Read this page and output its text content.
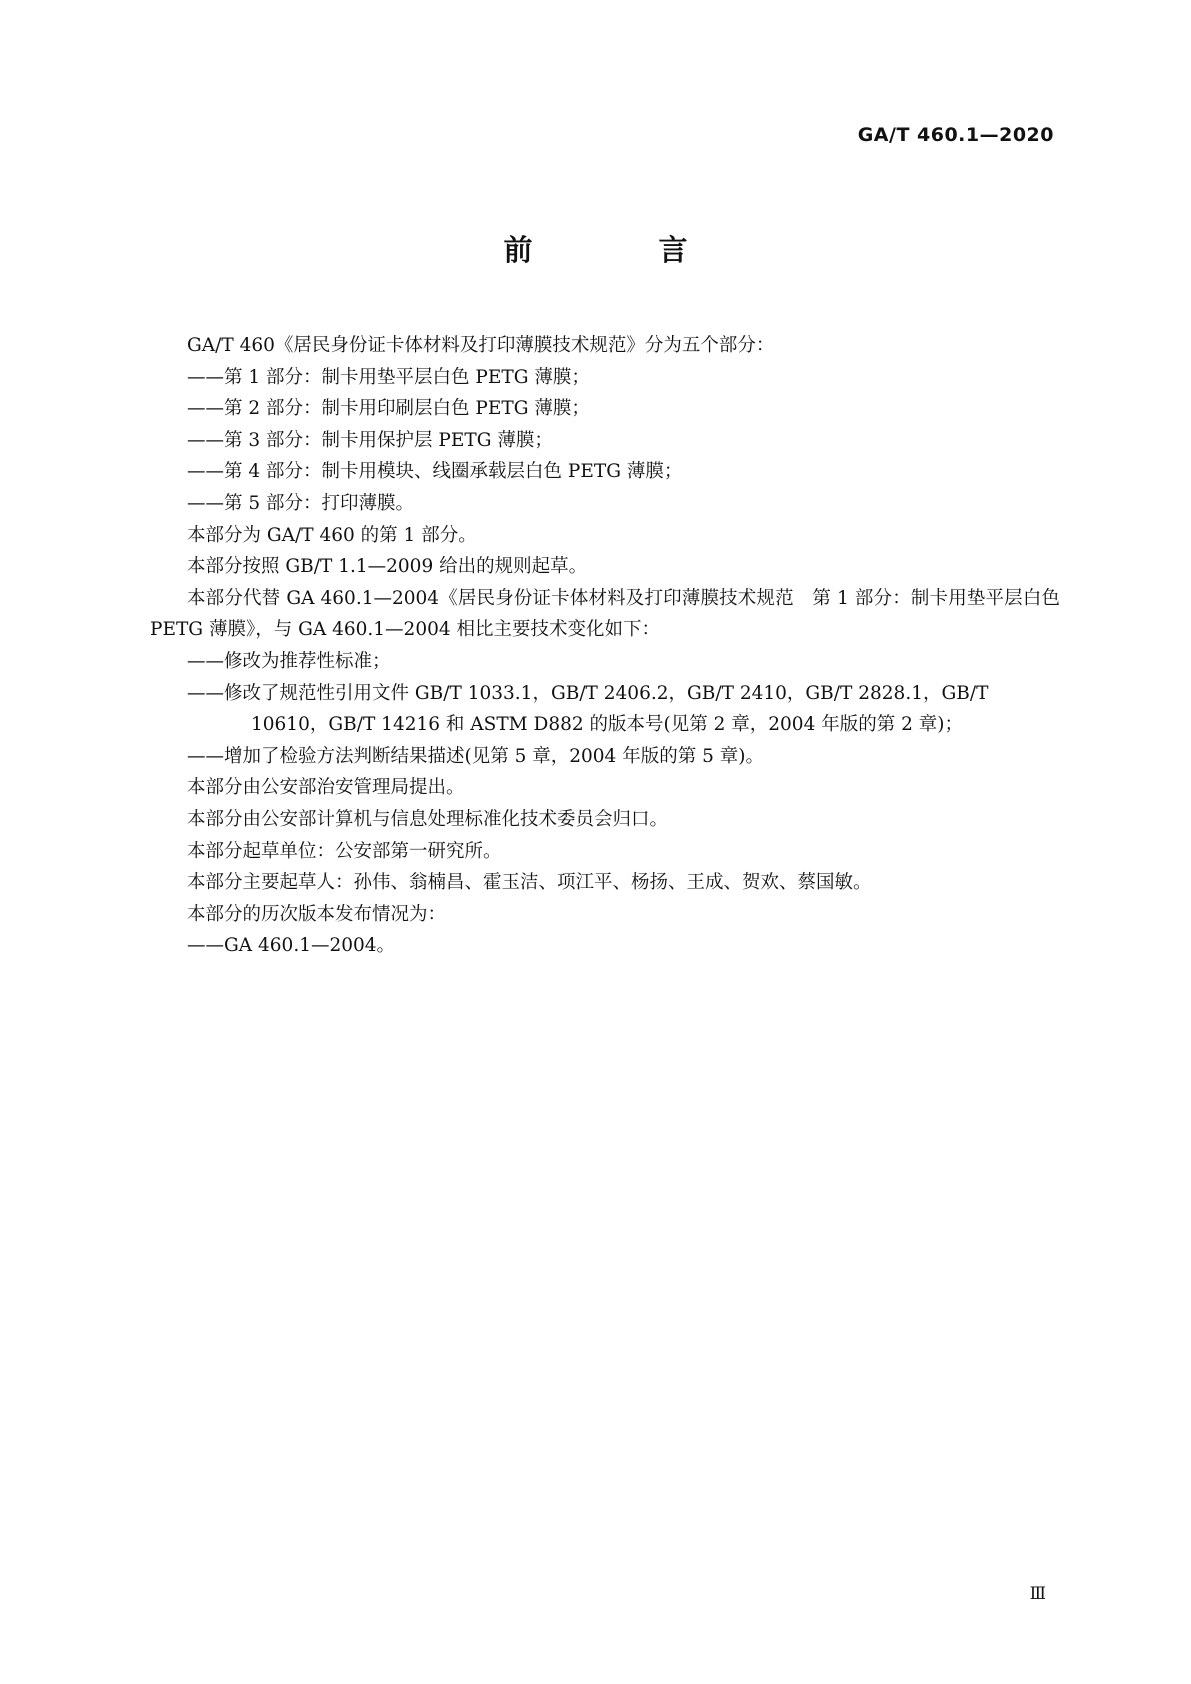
GA/T 460.1—2020
前 言

GA/T 460《居民身份证卡体材料及打印薄膜技术规范》分为五个部分：

——第 1 部分：制卡用垫平层白色 PETG 薄膜；

——第 2 部分：制卡用印刷层白色 PETG 薄膜；

——第 3 部分：制卡用保护层 PETG 薄膜；

——第 4 部分：制卡用模块、线圈承载层白色 PETG 薄膜；

——第 5 部分：打印薄膜。

本部分为 GA/T 460 的第 1 部分。

本部分按照 GB/T 1.1—2009 给出的规则起草。

本部分代替 GA 460.1—2004《居民身份证卡体材料及打印薄膜技术规范　第 1 部分：制卡用垫平层白色 PETG 薄膜》，与 GA 460.1—2004 相比主要技术变化如下：

——修改为推荐性标准；

——修改了规范性引用文件 GB/T 1033.1，GB/T 2406.2，GB/T 2410，GB/T 2828.1，GB/T 10610，GB/T 14216 和 ASTM D882 的版本号(见第 2 章，2004 年版的第 2 章)；

——增加了检验方法判断结果描述(见第 5 章，2004 年版的第 5 章)。

本部分由公安部治安管理局提出。

本部分由公安部计算机与信息处理标准化技术委员会归口。

本部分起草单位：公安部第一研究所。

本部分主要起草人：孙伟、翁楠昌、霍玉洁、项江平、杨扬、王成、贺欢、蔡国敏。

本部分的历次版本发布情况为：

——GA 460.1—2004。

Ⅲ
